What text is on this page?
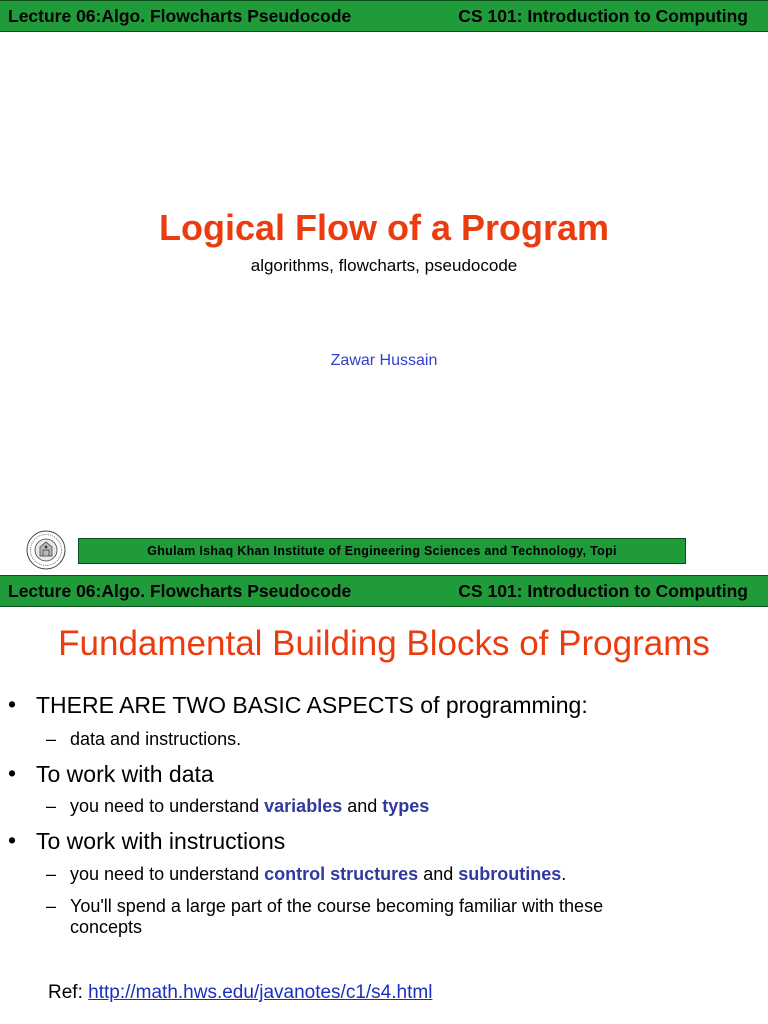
Lecture 06:Algo. Flowcharts Pseudocode	CS 101: Introduction to Computing
Logical Flow of a Program
algorithms, flowcharts, pseudocode
Zawar Hussain
Ghulam Ishaq Khan Institute of Engineering Sciences and Technology, Topi
Lecture 06:Algo. Flowcharts Pseudocode	CS 101: Introduction to Computing
Fundamental Building Blocks of Programs
• THERE ARE TWO BASIC ASPECTS of programming:
– data and instructions.
• To work with data
– you need to understand variables and types
• To work with instructions
– you need to understand control structures and subroutines.
– You'll spend a large part of the course becoming familiar with these
concepts
Ref: http://math.hws.edu/javanotes/c1/s4.html
